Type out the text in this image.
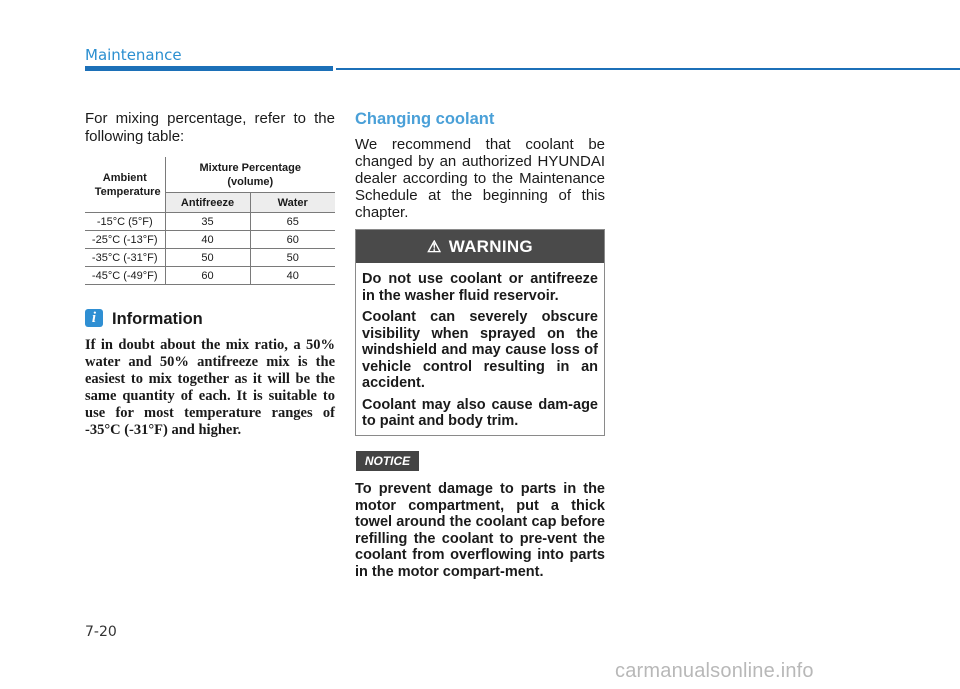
Maintenance

For mixing percentage, refer to the following table:

Ambient Temperature	Mixture Percentage (volume)	
	Antifreeze	Water
-15°C (5°F)	35	65
-25°C (-13°F)	40	60
-35°C (-31°F)	50	50
-45°C (-49°F)	60	40
i Information

If in doubt about the mix ratio, a 50% water and 50% antifreeze mix is the easiest to mix together as it will be the same quantity of each. It is suitable to use for most temperature ranges of -35°C (-31°F) and higher.

Changing coolant

We recommend that coolant be changed by an authorized HYUNDAI dealer according to the Maintenance Schedule at the beginning of this chapter.

⚠ WARNING

Do not use coolant or antifreeze in the washer fluid reservoir.

Coolant can severely obscure visibility when sprayed on the windshield and may cause loss of vehicle control resulting in an accident.

Coolant may also cause dam-age to paint and body trim.

NOTICE

To prevent damage to parts in the motor compartment, put a thick towel around the coolant cap before refilling the coolant to pre-vent the coolant from overflowing into parts in the motor compart-ment.

7-20
carmanualsonline.info
